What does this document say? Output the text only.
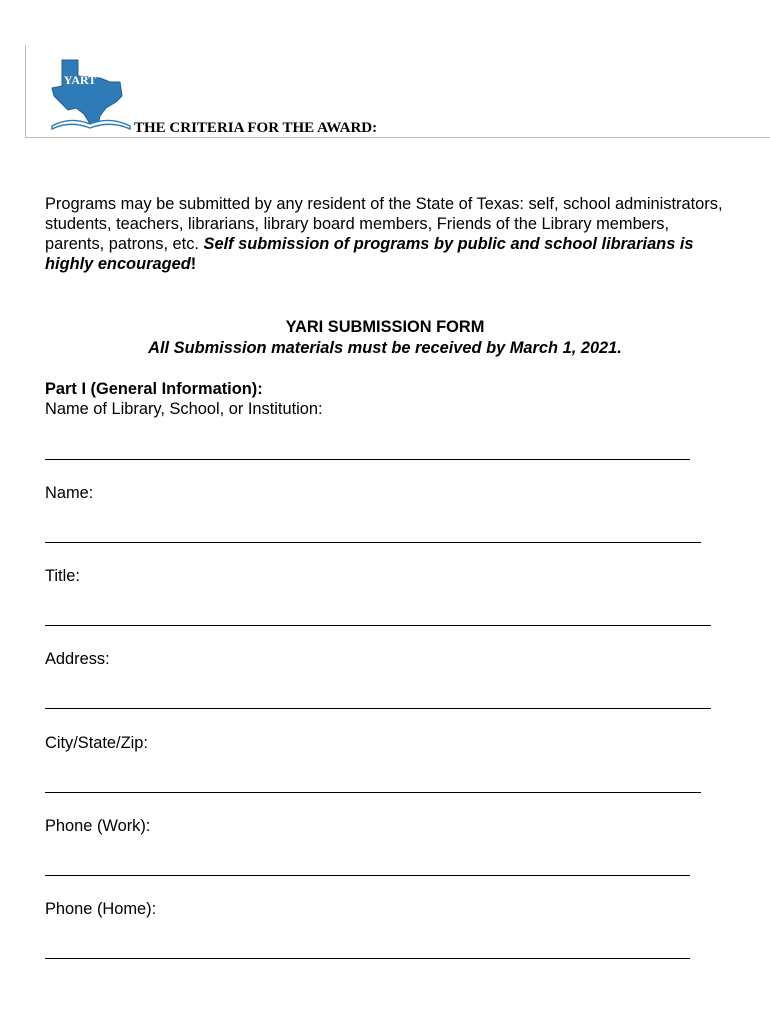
YART
THE CRITERIA FOR THE AWARD:
Programs may be submitted by any resident of the State of Texas: self, school administrators, students, teachers, librarians, library board members, Friends of the Library members, parents, patrons, etc. Self submission of programs by public and school librarians is highly encouraged!
YARI SUBMISSION FORM
All Submission materials must be received by March 1, 2021.
Part I (General Information):
Name of Library, School, or Institution:
Name:
Title:
Address:
City/State/Zip:
Phone (Work):
Phone (Home):
